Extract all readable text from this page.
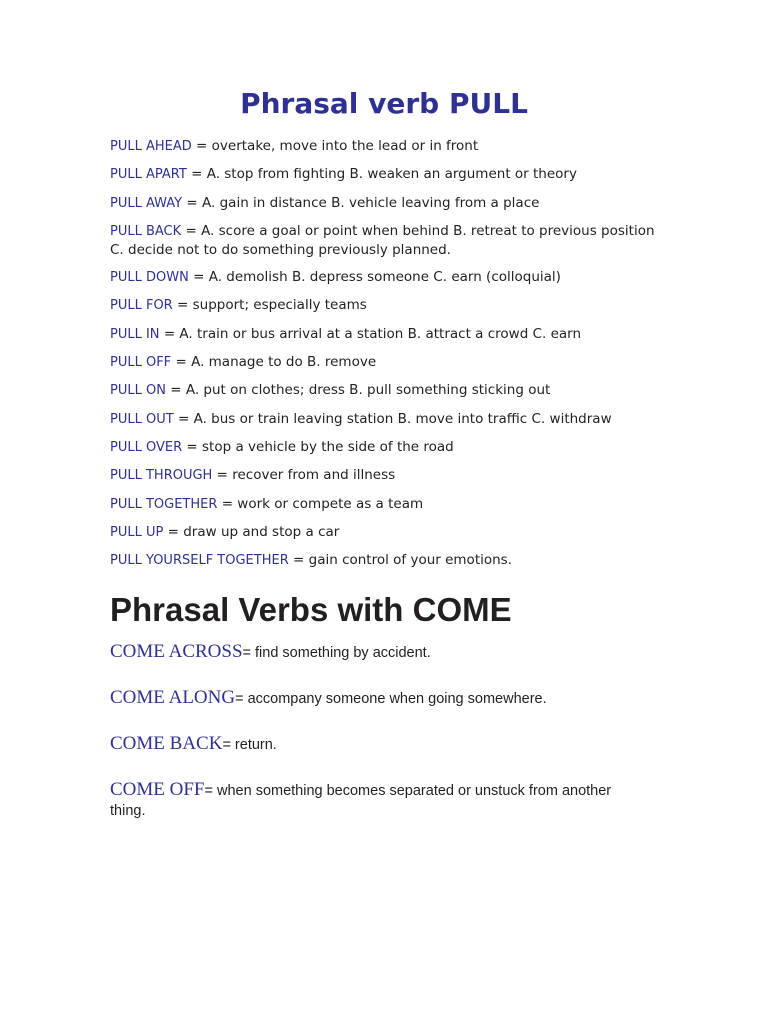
Phrasal verb PULL
PULL AHEAD = overtake, move into the lead or in front
PULL APART = A. stop from fighting B. weaken an argument or theory
PULL AWAY = A. gain in distance B. vehicle leaving from a place
PULL BACK = A. score a goal or point when behind B. retreat to previous position C. decide not to do something previously planned.
PULL DOWN = A. demolish B. depress someone C. earn (colloquial)
PULL FOR = support; especially teams
PULL IN = A. train or bus arrival at a station B. attract a crowd C. earn
PULL OFF = A. manage to do B. remove
PULL ON = A. put on clothes; dress B. pull something sticking out
PULL OUT = A. bus or train leaving station B. move into traffic C. withdraw
PULL OVER = stop a vehicle by the side of the road
PULL THROUGH = recover from and illness
PULL TOGETHER = work or compete as a team
PULL UP = draw up and stop a car
PULL YOURSELF TOGETHER = gain control of your emotions.
Phrasal Verbs with COME
COME ACROSS= find something by accident.
COME ALONG= accompany someone when going somewhere.
COME BACK= return.
COME OFF= when something becomes separated or unstuck from another thing.
